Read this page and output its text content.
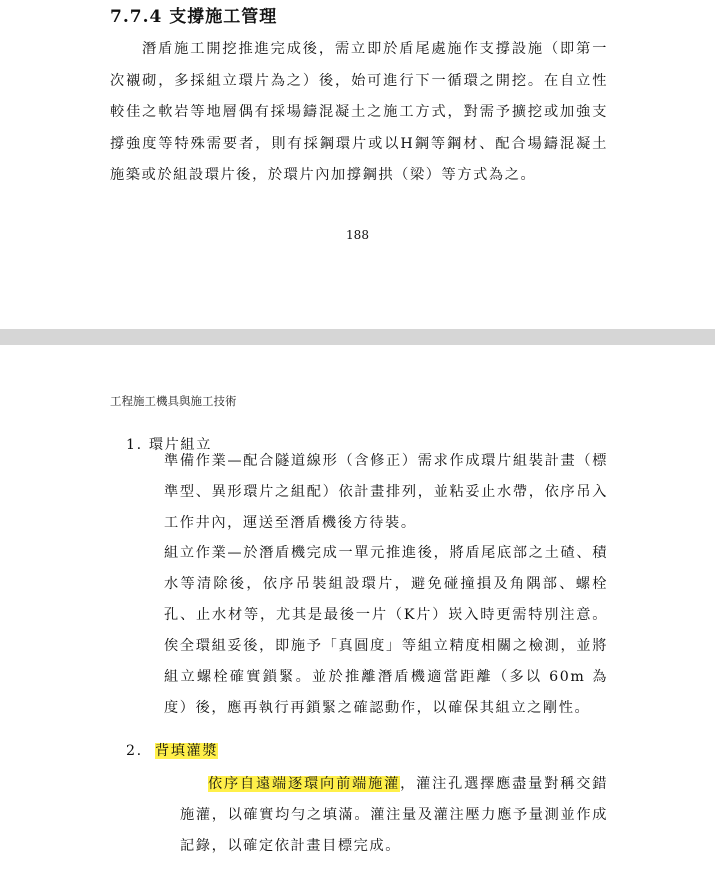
7.7.4 支撐施工管理

潛盾施工開挖推進完成後，需立即於盾尾處施作支撐設施（即第一次襯砌，多採組立環片為之）後，始可進行下一循環之開挖。在自立性較佳之軟岩等地層偶有採場鑄混凝土之施工方式，對需予擴挖或加強支撐強度等特殊需要者，則有採鋼環片或以H鋼等鋼材、配合場鑄混凝土施築或於組設環片後，於環片內加撐鋼拱（梁）等方式為之。

188

工程施工機具與施工技術

1. 環片組立

準備作業—配合隧道線形（含修正）需求作成環片組裝計畫（標準型、異形環片之組配）依計畫排列，並粘妥止水帶，依序吊入工作井內，運送至潛盾機後方待裝。

組立作業—於潛盾機完成一單元推進後，將盾尾底部之土碴、積水等清除後，依序吊裝組設環片，避免碰撞損及角隅部、螺栓孔、止水材等，尤其是最後一片（K片）崁入時更需特別注意。俟全環組妥後，即施予「真圓度」等組立精度相關之檢測，並將組立螺栓確實鎖緊。並於推離潛盾機適當距離（多以 60m 為度）後，應再執行再鎖緊之確認動作，以確保其組立之剛性。

2. 背填灌漿

依序自遠端逐環向前端施灌，灌注孔選擇應盡量對稱交錯施灌，以確實均勻之填滿。灌注量及灌注壓力應予量測並作成記錄，以確定依計畫目標完成。
